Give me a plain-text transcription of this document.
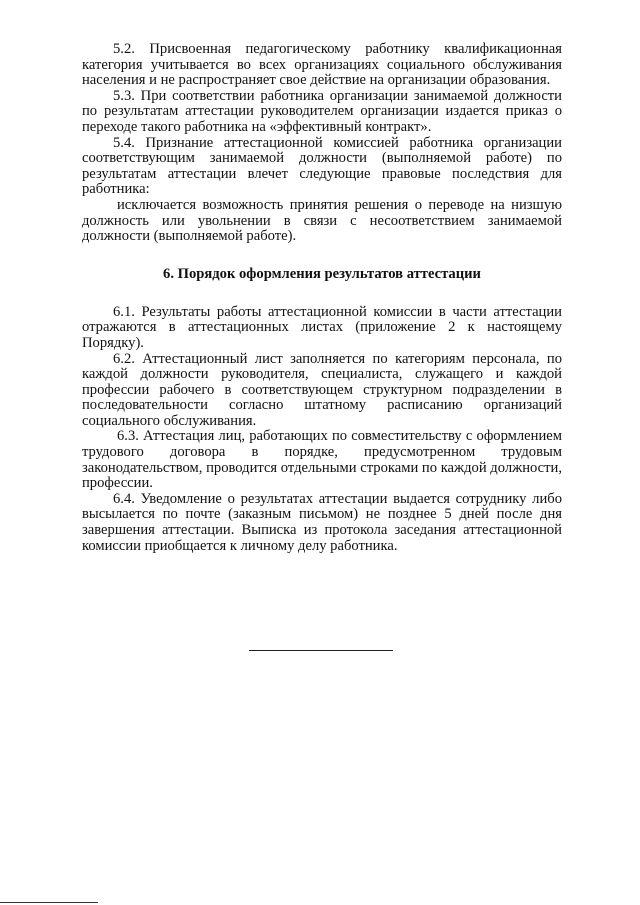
5.2. Присвоенная педагогическому работнику квалификационная категория учитывается во всех организациях социального обслуживания населения и не распространяет свое действие на организации образования.

5.3. При соответствии работника организации занимаемой должности по результатам аттестации руководителем организации издается приказ о переходе такого работника на «эффективный контракт».

5.4. Признание аттестационной комиссией работника организации соответствующим занимаемой должности (выполняемой работе) по результатам аттестации влечет следующие правовые последствия для работника:

исключается возможность принятия решения о переводе на низшую должность или увольнении в связи с несоответствием занимаемой должности (выполняемой работе).

6. Порядок оформления результатов аттестации

6.1. Результаты работы аттестационной комиссии в части аттестации отражаются в аттестационных листах (приложение 2 к настоящему Порядку).

6.2. Аттестационный лист заполняется по категориям персонала, по каждой должности руководителя, специалиста, служащего и каждой профессии рабочего в соответствующем структурном подразделении в последовательности согласно штатному расписанию организаций социального обслуживания.

6.3. Аттестация лиц, работающих по совместительству с оформлением трудового договора в порядке, предусмотренном трудовым законодательством, проводится отдельными строками по каждой должности, профессии.

6.4. Уведомление о результатах аттестации выдается сотруднику либо высылается по почте (заказным письмом) не позднее 5 дней после дня завершения аттестации. Выписка из протокола заседания аттестационной комиссии приобщается к личному делу работника.
